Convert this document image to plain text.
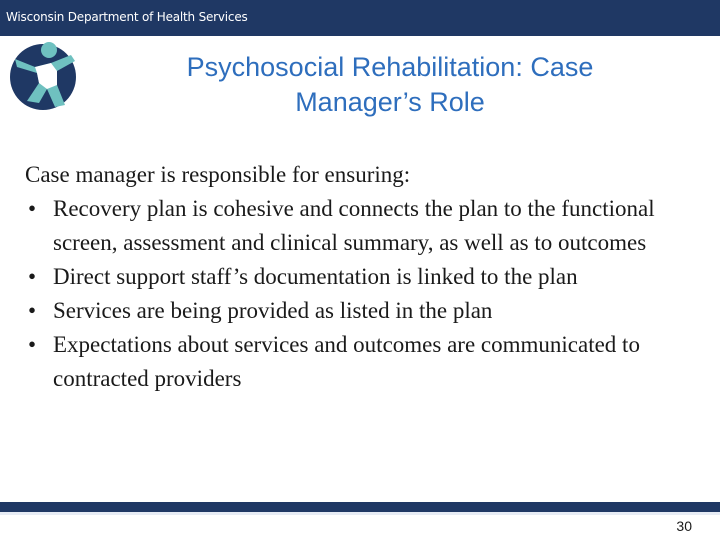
Wisconsin Department of Health Services
Psychosocial Rehabilitation: Case
Manager’s Role

Case manager is responsible for ensuring:

• Recovery plan is cohesive and connects the plan to the functional screen, assessment and clinical summary, as well as to outcomes
• Direct support staff’s documentation is linked to the plan
• Services are being provided as listed in the plan
• Expectations about services and outcomes are communicated to contracted providers
30
